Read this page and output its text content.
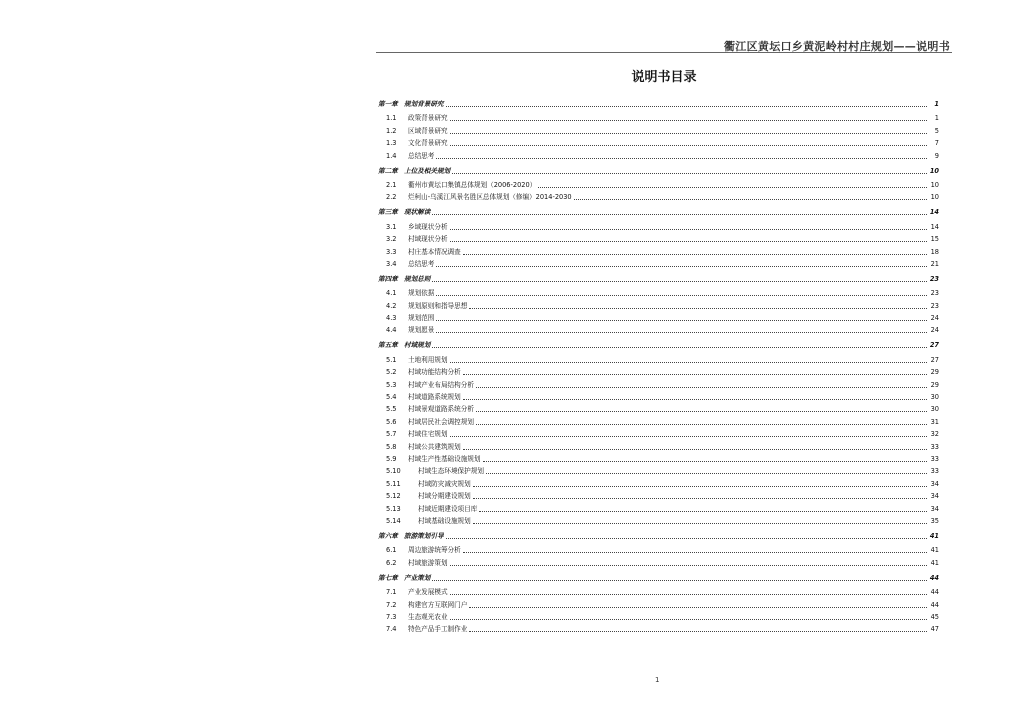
衢江区黄坛口乡黄泥岭村村庄规划——说明书
说明书目录
第一章 规划背景研究	1
1.1	政策背景研究	1
1.2	区域背景研究	5
1.3	文化背景研究	7
1.4	总结思考	9
第二章 上位及相关规划	10
2.1	衢州市黄坛口集镇总体规划（2006-2020）	10
2.2	烂柯山-乌溪江风景名胜区总体规划（修编）2014-2030	10
第三章 现状解读	14
3.1	乡域现状分析	14
3.2	村域现状分析	15
3.3	村庄基本情况调查	18
3.4	总结思考	21
第四章 规划总则	23
4.1	规划依据	23
4.2	规划原则和指导思想	23
4.3	规划范围	24
4.4	规划愿景	24
第五章 村域规划	27
5.1	土地利用规划	27
5.2	村域功能结构分析	29
5.3	村域产业布局结构分析	29
5.4	村域道路系统规划	30
5.5	村域景观道路系统分析	30
5.6	村域居民社会调控规划	31
5.7	村域住宅规划	32
5.8	村域公共建筑规划	33
5.9	村域生产性基础设施规划	33
5.10	村域生态环境保护规划	33
5.11	村域防灾减灾规划	34
5.12	村域分期建设规划	34
5.13	村域近期建设项目库	34
5.14	村域基础设施规划	35
第六章 旅游策划引导	41
6.1	周边旅游统筹分析	41
6.2	村域旅游策划	41
第七章 产业策划	44
7.1	产业发展模式	44
7.2	构建官方互联网门户	44
7.3	生态观光农业	45
7.4	特色产品手工制作业	47
1
